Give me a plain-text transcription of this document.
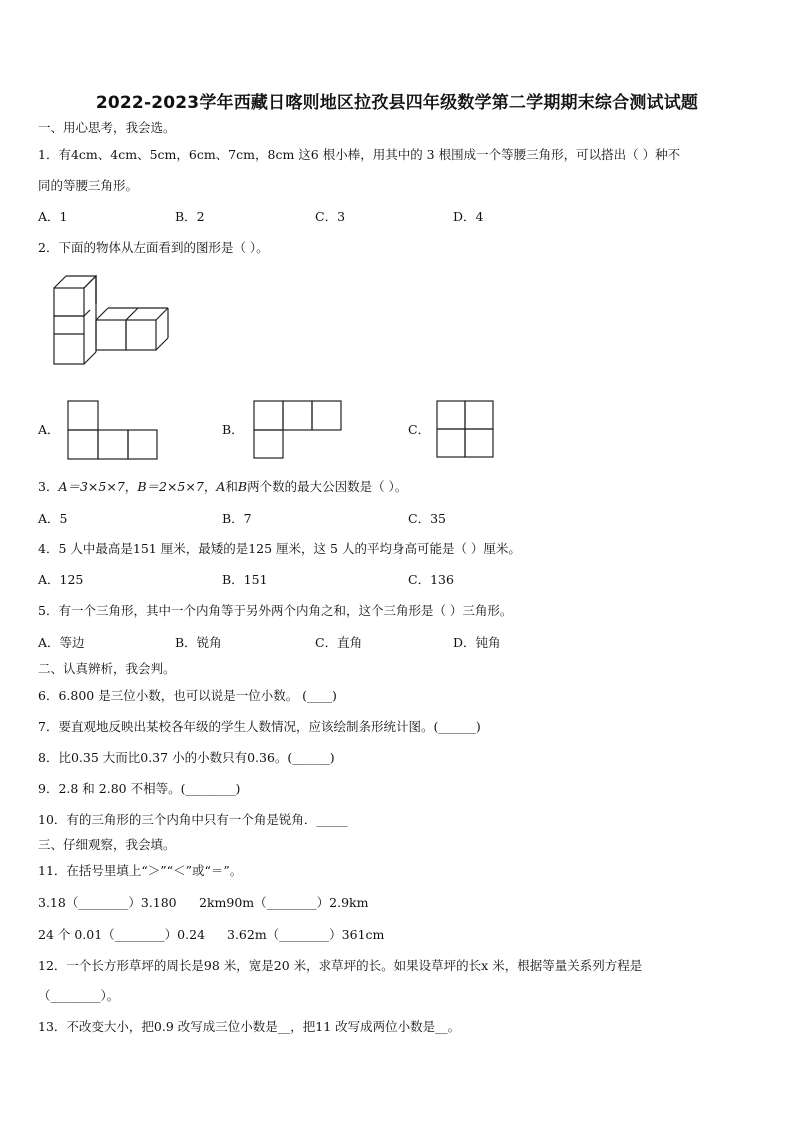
2022-2023学年西藏日喀则地区拉孜县四年级数学第二学期期末综合测试试题
一、用心思考，我会选。
1．有4cm、4cm、5cm，6cm、7cm，8cm 这6 根小棒，用其中的 3 根围成一个等腰三角形，可以搭出（ ）种不
同的等腰三角形。
A．1	B．2	C．3	D．4
2．下面的物体从左面看到的图形是（ ）。
A．	B．	C．
3．A＝3×5×7，B＝2×5×7，A和B两个数的最大公因数是（ ）。
A．5	B．7	C．35
4．5 人中最高是151 厘米，最矮的是125 厘米，这 5 人的平均身高可能是（ ）厘米。
A．125	B．151	C．136
5．有一个三角形，其中一个内角等于另外两个内角之和，这个三角形是（ ）三角形。
A．等边	B．锐角	C．直角	D．钝角
二、认真辨析，我会判。
6．6.800 是三位小数，也可以说是一位小数。 (____)
7．要直观地反映出某校各年级的学生人数情况，应该绘制条形统计图。(______)
8．比0.35 大而比0.37 小的小数只有0.36。(______)
9．2.8 和 2.80 不相等。(________)
10．有的三角形的三个内角中只有一个角是锐角．_____
三、仔细观察，我会填。
11．在括号里填上“＞”“＜”或“＝”。
3.18（________）3.180 2km90m（________）2.9km
24 个 0.01（________）0.24 3.62m（________）361cm
12．一个长方形草坪的周长是98 米，宽是20 米，求草坪的长。如果设草坪的长x 米，根据等量关系列方程是
（________）。
13．不改变大小，把0.9 改写成三位小数是__，把11 改写成两位小数是__。
